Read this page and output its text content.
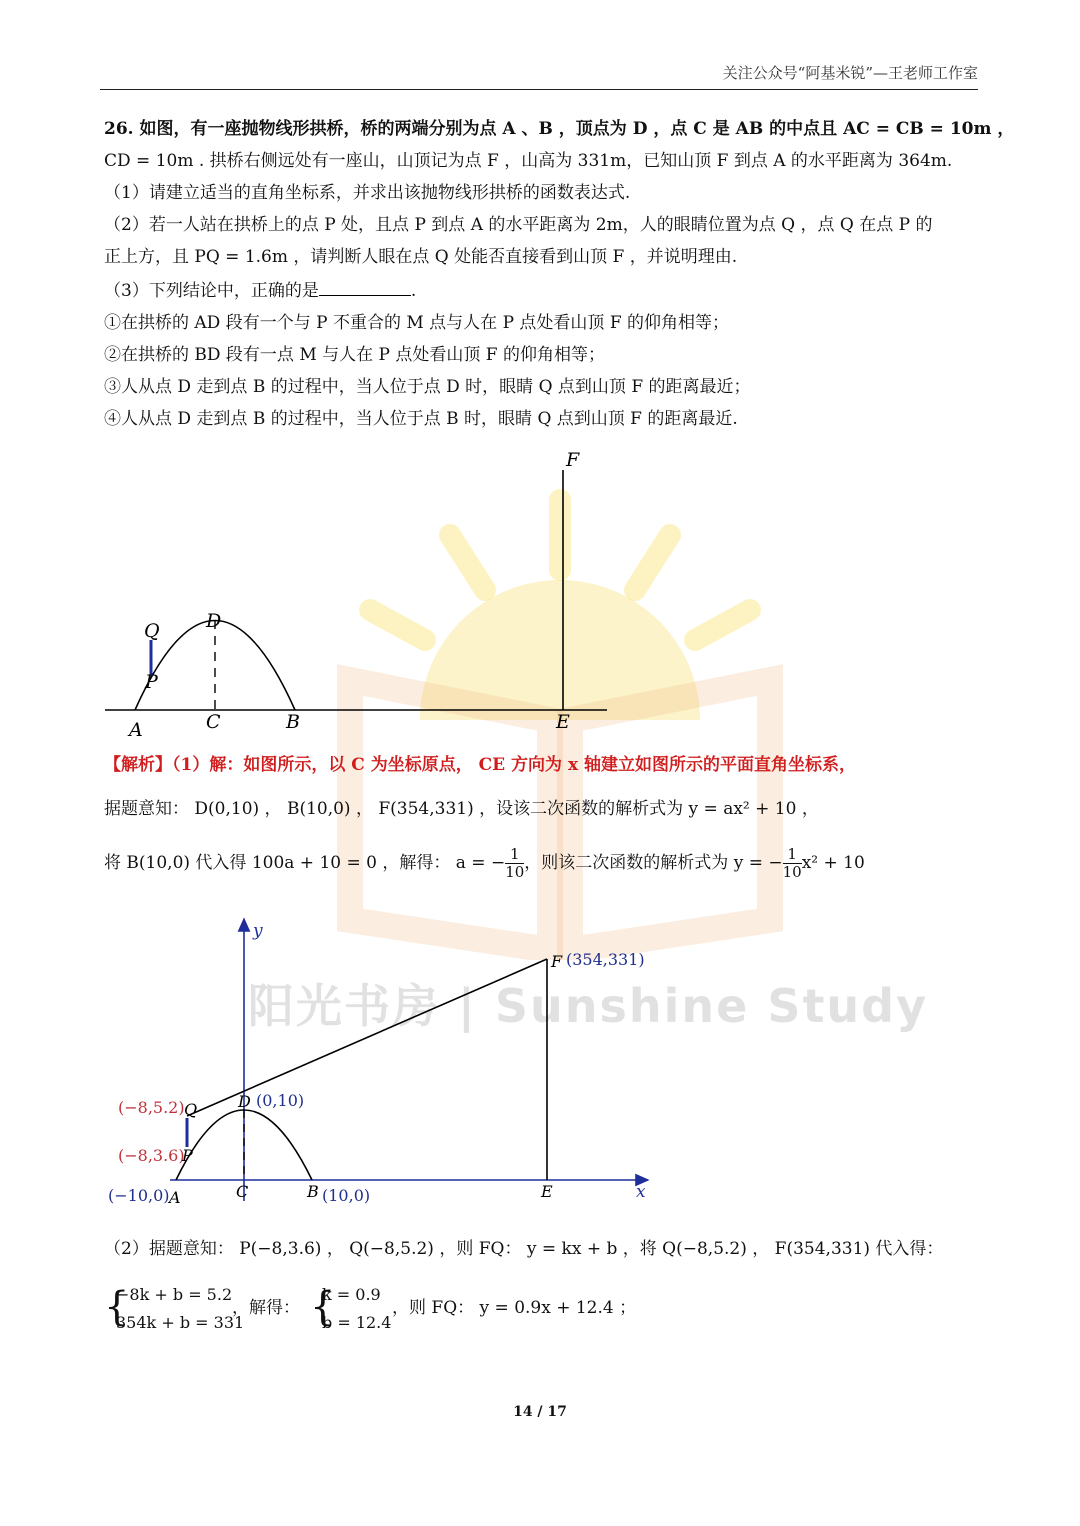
阳光书房 | Sunshine Study
关注公众号“阿基米锐”—王老师工作室
26. 如图，有一座抛物线形拱桥，桥的两端分别为点 A 、B ，顶点为 D ，点 C 是 AB 的中点且 AC = CB = 10m ，
CD = 10m . 拱桥右侧远处有一座山，山顶记为点 F ，山高为 331m，已知山顶 F 到点 A 的水平距离为 364m.
（1）请建立适当的直角坐标系，并求出该抛物线形拱桥的函数表达式.
（2）若一人站在拱桥上的点 P 处，且点 P 到点 A 的水平距离为 2m，人的眼睛位置为点 Q ，点 Q 在点 P 的
正上方，且 PQ = 1.6m ，请判断人眼在点 Q 处能否直接看到山顶 F ，并说明理由.
（3）下列结论中，正确的是	.
①在拱桥的 AD 段有一个与 P 不重合的 M 点与人在 P 点处看山顶 F 的仰角相等；
②在拱桥的 BD 段有一点 M 与人在 P 点处看山顶 F 的仰角相等；
③人从点 D 走到点 B 的过程中，当人位于点 D 时，眼睛 Q 点到山顶 F 的距离最近；
④人从点 D 走到点 B 的过程中，当人位于点 B 时，眼睛 Q 点到山顶 F 的距离最近.
F
D
Q
P
A	C	B	E
【解析】（1）解：如图所示，以 C 为坐标原点， CE 方向为 x 轴建立如图所示的平面直角坐标系，
据题意知： D(0,10) ， B(10,0) ， F(354,331) ，设该二次函数的解析式为 y = ax² + 10 ，
将 B(10,0) 代入得 100a + 10 = 0 ，解得： a = − $\frac{1}{10}$ ，则该二次函数的解析式为 y = − $\frac{1}{10} x^2 + 10$
y
x
F (354,331)
(−8,5.2) Q	D (0,10)
(−8,3.6)
P
(−10,0) A	C	B (10,0)	E
（2）据题意知： P(−8,3.6) ， Q(−8,5.2) ，则 FQ： y = kx + b ，将 Q(−8,5.2) ， F(354,331) 代入得：
{
−8k + b = 5.2
354k + b = 331
，解得： {
k = 0.9
b = 12.4
，则 FQ： y = 0.9x + 12.4 ；
14 / 17
